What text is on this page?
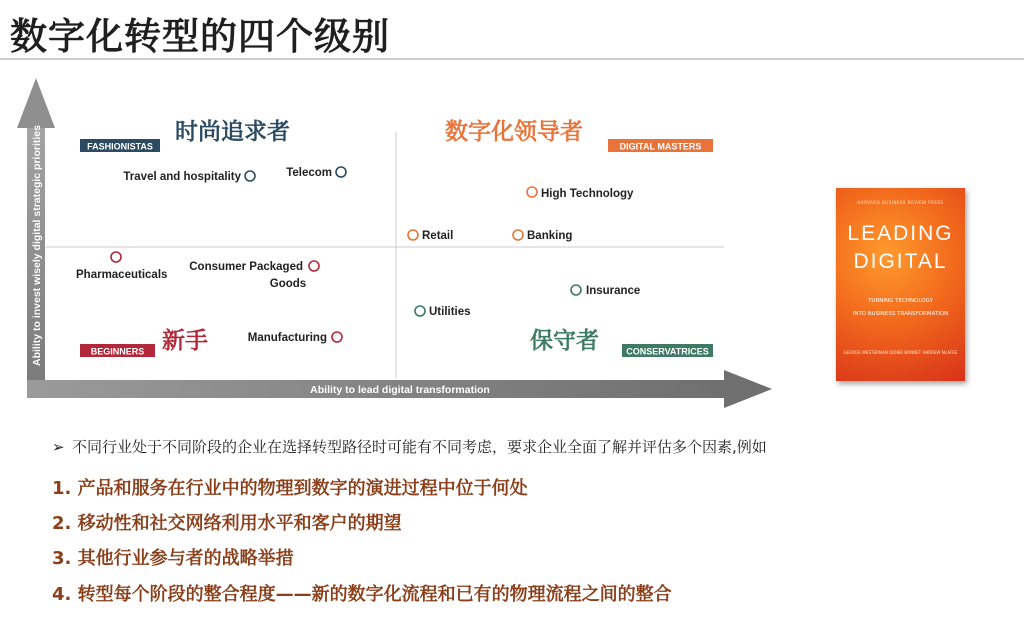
数字化转型的四个级别
Ability to invest wisely digital strategic priorities
Ability to lead digital transformation
时尚追求者
FASHIONISTAS
数字化领导者
DIGITAL MASTERS
新手
BEGINNERS	保守者	CONSERVATRICES
Travel and hospitality	Telecom
High Technology
Retail	Banking
Pharmaceuticals
Consumer Packaged
Goods
Manufacturing
Insurance
Utilities
HARVARD BUSINESS REVIEW PRESS
LEADING
DIGITAL
TURNING TECHNOLOGY
INTO BUSINESS TRANSFORMATION
GEORGE WESTERMAN DIDIER BONNET ANDREW McAFEE
➢ 不同行业处于不同阶段的企业在选择转型路径时可能有不同考虑，要求企业全面了解并评估多个因素,例如
1. 产品和服务在行业中的物理到数字的演进过程中位于何处
2. 移动性和社交网络利用水平和客户的期望
3. 其他行业参与者的战略举措
4. 转型每个阶段的整合程度——新的数字化流程和已有的物理流程之间的整合
